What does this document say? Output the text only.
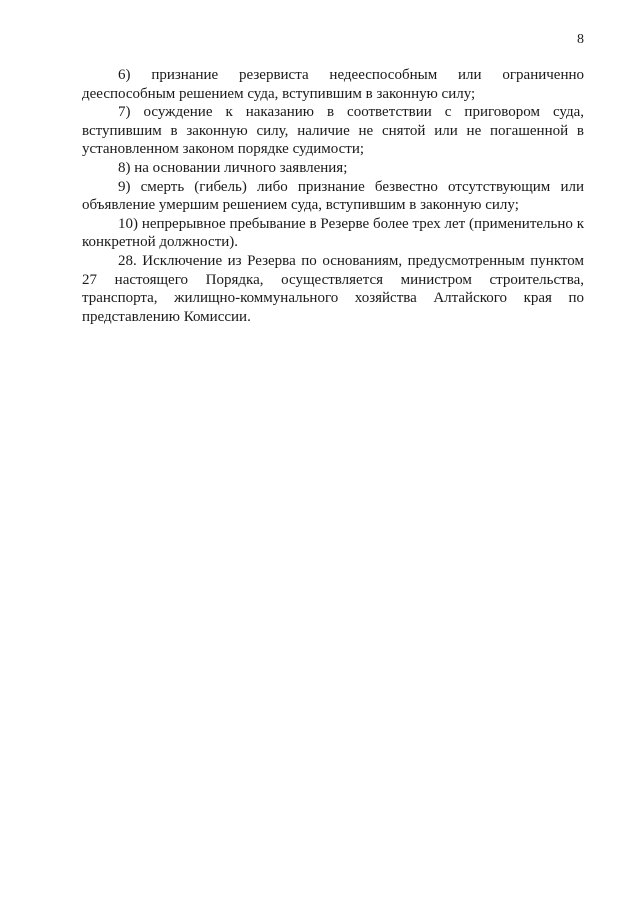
8

6) признание резервиста недееспособным или ограниченно дееспособным решением суда, вступившим в законную силу;

7) осуждение к наказанию в соответствии с приговором суда, вступившим в законную силу, наличие не снятой или не погашенной в установленном законом порядке судимости;

8) на основании личного заявления;

9) смерть (гибель) либо признание безвестно отсутствующим или объявление умершим решением суда, вступившим в законную силу;

10) непрерывное пребывание в Резерве более трех лет (применительно к конкретной должности).

28. Исключение из Резерва по основаниям, предусмотренным пунктом 27 настоящего Порядка, осуществляется министром строительства, транспорта, жилищно-коммунального хозяйства Алтайского края по представлению Комиссии.
